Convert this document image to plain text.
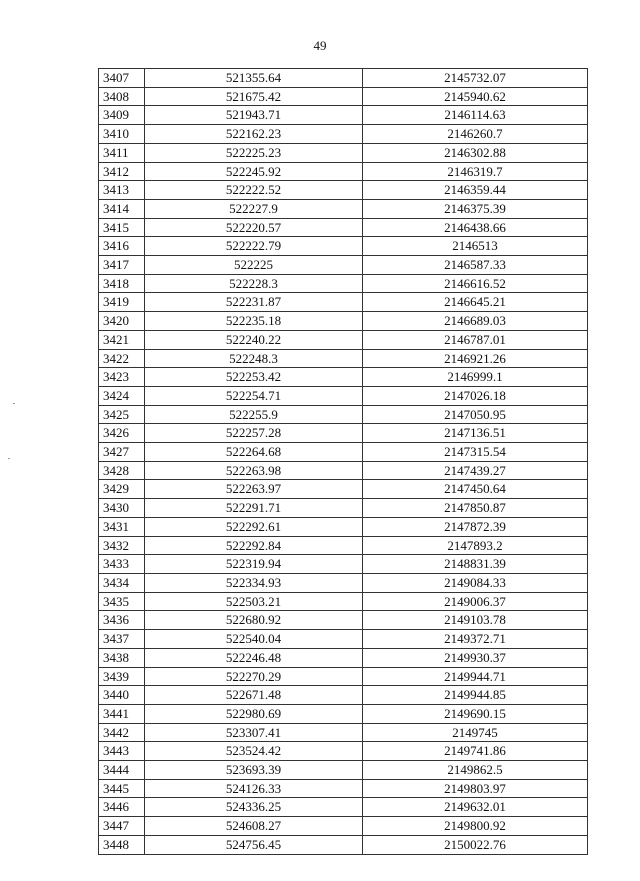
49
3407	521355.64	2145732.07
3408	521675.42	2145940.62
3409	521943.71	2146114.63
3410	522162.23	2146260.7
3411	522225.23	2146302.88
3412	522245.92	2146319.7
3413	522222.52	2146359.44
3414	522227.9	2146375.39
3415	522220.57	2146438.66
3416	522222.79	2146513
3417	522225	2146587.33
3418	522228.3	2146616.52
3419	522231.87	2146645.21
3420	522235.18	2146689.03
3421	522240.22	2146787.01
3422	522248.3	2146921.26
3423	522253.42	2146999.1
3424	522254.71	2147026.18
3425	522255.9	2147050.95
3426	522257.28	2147136.51
3427	522264.68	2147315.54
3428	522263.98	2147439.27
3429	522263.97	2147450.64
3430	522291.71	2147850.87
3431	522292.61	2147872.39
3432	522292.84	2147893.2
3433	522319.94	2148831.39
3434	522334.93	2149084.33
3435	522503.21	2149006.37
3436	522680.92	2149103.78
3437	522540.04	2149372.71
3438	522246.48	2149930.37
3439	522270.29	2149944.71
3440	522671.48	2149944.85
3441	522980.69	2149690.15
3442	523307.41	2149745
3443	523524.42	2149741.86
3444	523693.39	2149862.5
3445	524126.33	2149803.97
3446	524336.25	2149632.01
3447	524608.27	2149800.92
3448	524756.45	2150022.76
